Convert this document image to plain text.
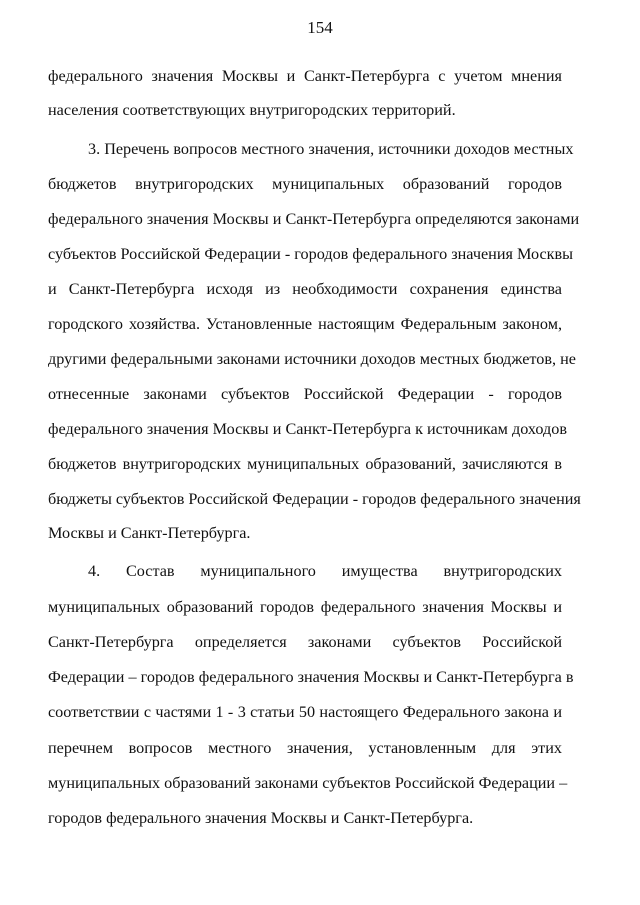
154
федерального значения Москвы и Санкт-Петербурга с учетом мнения
населения соответствующих внутригородских территорий.
3. Перечень вопросов местного значения, источники доходов местных
бюджетов внутригородских муниципальных образований городов
федерального значения Москвы и Санкт-Петербурга определяются законами
субъектов Российской Федерации - городов федерального значения Москвы
и Санкт-Петербурга исходя из необходимости сохранения единства
городского хозяйства. Установленные настоящим Федеральным законом,
другими федеральными законами источники доходов местных бюджетов, не
отнесенные законами субъектов Российской Федерации - городов
федерального значения Москвы и Санкт-Петербурга к источникам доходов
бюджетов внутригородских муниципальных образований, зачисляются в
бюджеты субъектов Российской Федерации - городов федерального значения
Москвы и Санкт-Петербурга.
4. Состав муниципального имущества внутригородских
муниципальных образований городов федерального значения Москвы и
Санкт-Петербурга определяется законами субъектов Российской
Федерации – городов федерального значения Москвы и Санкт-Петербурга в
соответствии с частями 1 - 3 статьи 50 настоящего Федерального закона и
перечнем вопросов местного значения, установленным для этих
муниципальных образований законами субъектов Российской Федерации –
городов федерального значения Москвы и Санкт-Петербурга.
